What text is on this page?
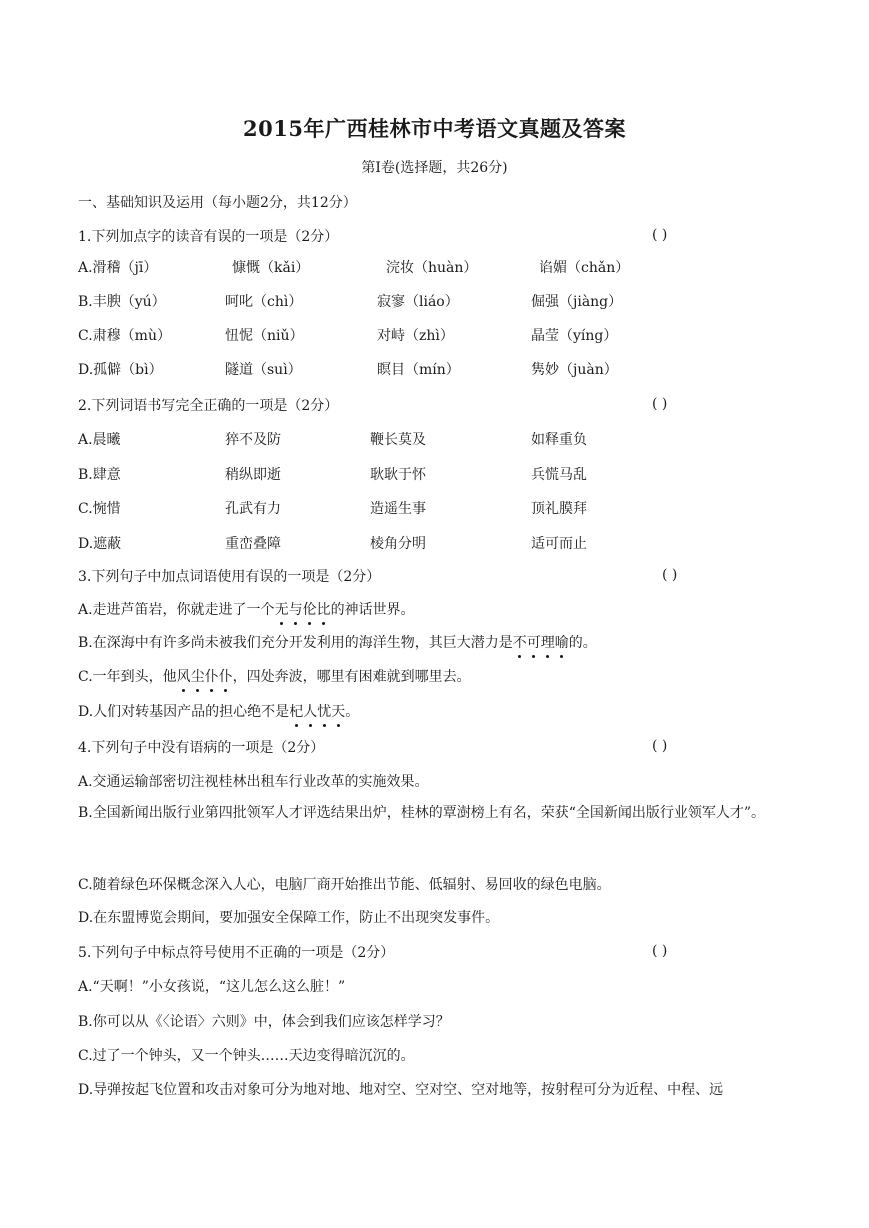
2015年广西桂林市中考语文真题及答案
第Ⅰ卷(选择题，共26分)
一、基础知识及运用（每小题2分，共12分）
1.下列加点字的读音有误的一项是（2分）	( )
A.滑稽（jī）	慷慨（kǎi）	浣妆（huàn）	谄媚（chǎn）
B.丰腴（yú）	呵叱（chì）	寂寥（liáo）	倔强（jiàng）
C.肃穆（mù）	忸怩（niǔ）	对峙（zhì）	晶莹（yíng）
D.孤僻（bì）	隧道（suì）	瞑目（mín）	隽妙（juàn）
2.下列词语书写完全正确的一项是（2分）	( )
A.晨曦	猝不及防	鞭长莫及	如释重负
B.肆意	稍纵即逝	耿耿于怀	兵慌马乱
C.惋惜	孔武有力	造遥生事	顶礼膜拜
D.遮蔽	重峦叠障	棱角分明	适可而止
3.下列句子中加点词语使用有误的一项是（2分）	( )
A.走进芦笛岩，你就走进了一个无与伦比的神话世界。
B.在深海中有许多尚未被我们充分开发利用的海洋生物，其巨大潜力是不可理喻的。
C.一年到头，他风尘仆仆，四处奔波，哪里有困难就到哪里去。
D.人们对转基因产品的担心绝不是杞人忧天。
4.下列句子中没有语病的一项是（2分）	( )
A.交通运输部密切注视桂林出租车行业改革的实施效果。
B.全国新闻出版行业第四批领军人才评选结果出炉，桂林的覃澍榜上有名，荣获“全国新闻出版行业领军人才”。
C.随着绿色环保概念深入人心，电脑厂商开始推出节能、低辐射、易回收的绿色电脑。
D.在东盟博览会期间，要加强安全保障工作，防止不出现突发事件。
5.下列句子中标点符号使用不正确的一项是（2分）	( )
A.“天啊！”小女孩说，“这儿怎么这么脏！”
B.你可以从《〈论语〉六则》中，体会到我们应该怎样学习？
C.过了一个钟头，又一个钟头……天边变得暗沉沉的。
D.导弹按起飞位置和攻击对象可分为地对地、地对空、空对空、空对地等，按射程可分为近程、中程、远
